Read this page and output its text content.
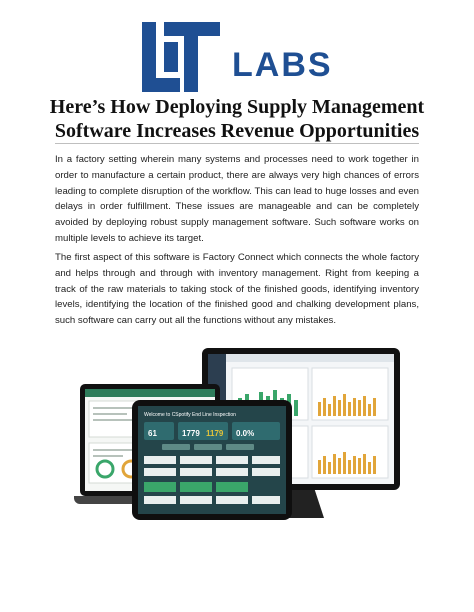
LABS
Here’s How Deploying Supply Management Software Increases Revenue Opportunities

In a factory setting wherein many systems and processes need to work together in order to manufacture a certain product, there are always very high chances of errors leading to complete disruption of the workflow. This can lead to huge losses and even delays in order fulfillment. These issues are manageable and can be completely avoided by deploying robust supply management software. Such software works on multiple levels to achieve its target.

The first aspect of this software is Factory Connect which connects the whole factory and helps through and through with inventory management. Right from keeping a track of the raw materials to taking stock of the finished goods, identifying inventory levels, identifying the location of the finished good and chalking development plans, such software can carry out all the functions without any mistakes.

Welcome to CSpotify End Line Inspection
61	1779 1179 0.0%
